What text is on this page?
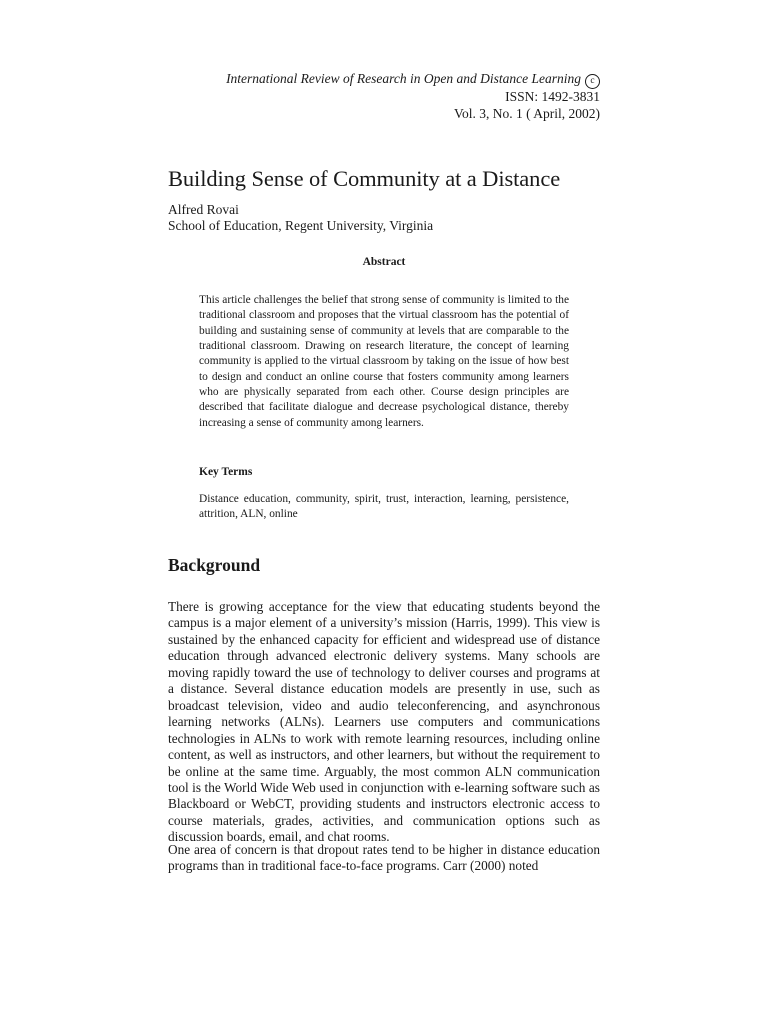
International Review of Research in Open and Distance Learning c
ISSN: 1492-3831
Vol. 3, No. 1 ( April, 2002)
Building Sense of Community at a Distance
Alfred Rovai
School of Education, Regent University, Virginia
Abstract

This article challenges the belief that strong sense of community is limited to the traditional classroom and proposes that the virtual classroom has the potential of building and sustaining sense of community at levels that are comparable to the traditional classroom. Drawing on research literature, the concept of learning community is applied to the virtual classroom by taking on the issue of how best to design and conduct an online course that fosters community among learners who are physically separated from each other. Course design principles are described that facilitate dialogue and decrease psychological distance, thereby increasing a sense of community among learners.

Key Terms

Distance education, community, spirit, trust, interaction, learning, persistence, attrition, ALN, online

Background

There is growing acceptance for the view that educating students beyond the campus is a major element of a university’s mission (Harris, 1999). This view is sustained by the enhanced capacity for efficient and widespread use of distance education through advanced electronic delivery systems. Many schools are moving rapidly toward the use of technology to deliver courses and programs at a distance. Several distance education models are presently in use, such as broadcast television, video and audio teleconferencing, and asynchronous learning networks (ALNs). Learners use computers and communications technologies in ALNs to work with remote learning resources, including online content, as well as instructors, and other learners, but without the requirement to be online at the same time. Arguably, the most common ALN communication tool is the World Wide Web used in conjunction with e-learning software such as Blackboard or WebCT, providing students and instructors electronic access to course materials, grades, activities, and communication options such as discussion boards, email, and chat rooms.

One area of concern is that dropout rates tend to be higher in distance education programs than in traditional face-to-face programs. Carr (2000) noted
